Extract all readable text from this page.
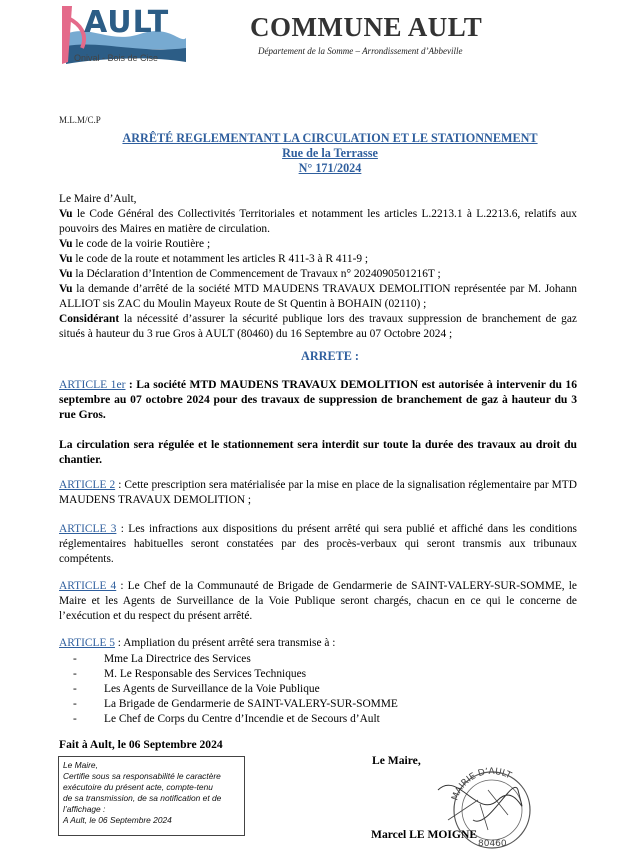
AULT
Onival - Bois de Cise
COMMUNE AULT
Département de la Somme – Arrondissement d’Abbeville
M.L.M/C.P
ARRÊTÉ REGLEMENTANT LA CIRCULATION ET LE STATIONNEMENT
Rue de la Terrasse
N° 171/2024
Le Maire d’Ault,
Vu le Code Général des Collectivités Territoriales et notamment les articles L.2213.1 à L.2213.6, relatifs aux pouvoirs des Maires en matière de circulation.
Vu le code de la voirie Routière ;
Vu le code de la route et notamment les articles R 411-3 à R 411-9 ;
Vu la Déclaration d’Intention de Commencement de Travaux n° 2024090501216T ;
Vu la demande d’arrêté de la société MTD MAUDENS TRAVAUX DEMOLITION représentée par M. Johann ALLIOT sis ZAC du Moulin Mayeux Route de St Quentin à BOHAIN (02110) ;
Considérant la nécessité d’assurer la sécurité publique lors des travaux suppression de branchement de gaz situés à hauteur du 3 rue Gros à AULT (80460) du 16 Septembre au 07 Octobre 2024 ;
ARRETE :
ARTICLE 1er : La société MTD MAUDENS TRAVAUX DEMOLITION est autorisée à intervenir du 16 septembre au 07 octobre 2024 pour des travaux de suppression de branchement de gaz à hauteur du 3 rue Gros.
La circulation sera régulée et le stationnement sera interdit sur toute la durée des travaux au droit du chantier.
ARTICLE 2 : Cette prescription sera matérialisée par la mise en place de la signalisation réglementaire par MTD MAUDENS TRAVAUX DEMOLITION ;
ARTICLE 3 : Les infractions aux dispositions du présent arrêté qui sera publié et affiché dans les conditions réglementaires habituelles seront constatées par des procès-verbaux qui seront transmis aux tribunaux compétents.
ARTICLE 4 : Le Chef de la Communauté de Brigade de Gendarmerie de SAINT-VALERY-SUR-SOMME, le Maire et les Agents de Surveillance de la Voie Publique seront chargés, chacun en ce qui le concerne de l’exécution et du respect du présent arrêté.
ARTICLE 5 : Ampliation du présent arrêté sera transmise à :
- Mme La Directrice des Services
- M. Le Responsable des Services Techniques
- Les Agents de Surveillance de la Voie Publique
- La Brigade de Gendarmerie de SAINT-VALERY-SUR-SOMME
- Le Chef de Corps du Centre d’Incendie et de Secours d’Ault
Fait à Ault, le 06 Septembre 2024
Le Maire,
Certifie sous sa responsabilité le caractère
exécutoire du présent acte, compte-tenu
de sa transmission, de sa notification et de
l’affichage :
A Ault, le 06 Septembre 2024
Le Maire,
MAIRIE D’AULT
80460
Marcel LE MOIGNE
